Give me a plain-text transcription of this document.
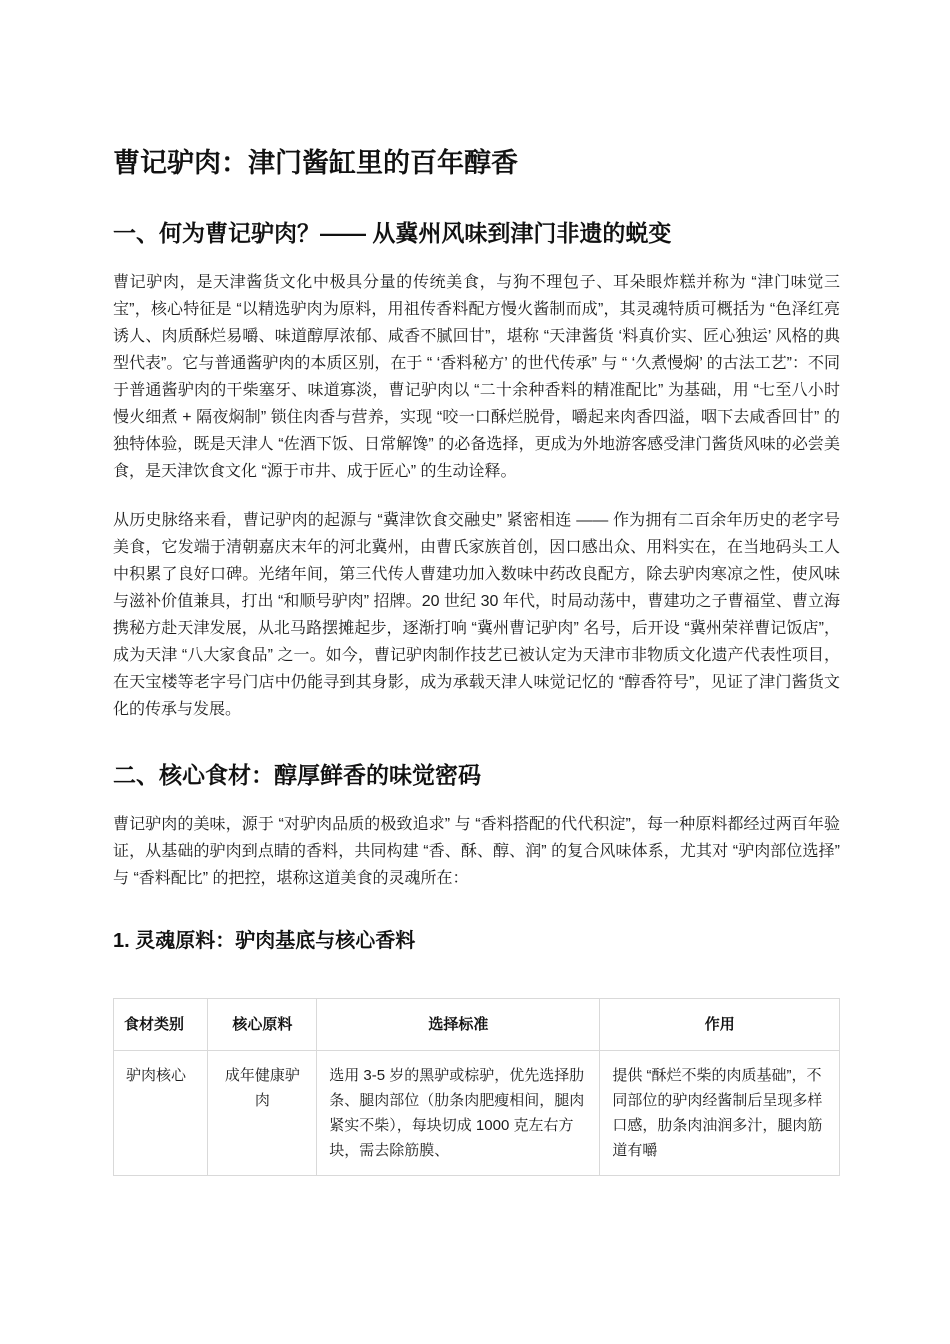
曹记驴肉：津门酱缸里的百年醇香
一、何为曹记驴肉？—— 从冀州风味到津门非遗的蜕变

曹记驴肉，是天津酱货文化中极具分量的传统美食，与狗不理包子、耳朵眼炸糕并称为 “津门味觉三宝”，核心特征是 “以精选驴肉为原料，用祖传香料配方慢火酱制而成”，其灵魂特质可概括为 “色泽红亮诱人、肉质酥烂易嚼、味道醇厚浓郁、咸香不腻回甘”，堪称 “天津酱货 ‘料真价实、匠心独运’ 风格的典型代表”。它与普通酱驴肉的本质区别，在于 “ ‘香料秘方’ 的世代传承” 与 “ ‘久煮慢焖’ 的古法工艺”：不同于普通酱驴肉的干柴塞牙、味道寡淡，曹记驴肉以 “二十余种香料的精准配比” 为基础，用 “七至八小时慢火细煮 + 隔夜焖制” 锁住肉香与营养，实现 “咬一口酥烂脱骨，嚼起来肉香四溢，咽下去咸香回甘” 的独特体验，既是天津人 “佐酒下饭、日常解馋” 的必备选择，更成为外地游客感受津门酱货风味的必尝美食，是天津饮食文化 “源于市井、成于匠心” 的生动诠释。

从历史脉络来看，曹记驴肉的起源与 “冀津饮食交融史” 紧密相连 —— 作为拥有二百余年历史的老字号美食，它发端于清朝嘉庆末年的河北冀州，由曹氏家族首创，因口感出众、用料实在，在当地码头工人中积累了良好口碑。光绪年间，第三代传人曹建功加入数味中药改良配方，除去驴肉寒凉之性，使风味与滋补价值兼具，打出 “和顺号驴肉” 招牌。20 世纪 30 年代，时局动荡中，曹建功之子曹福堂、曹立海携秘方赴天津发展，从北马路摆摊起步，逐渐打响 “冀州曹记驴肉” 名号，后开设 “冀州荣祥曹记饭店”，成为天津 “八大家食品” 之一。如今，曹记驴肉制作技艺已被认定为天津市非物质文化遗产代表性项目，在天宝楼等老字号门店中仍能寻到其身影，成为承载天津人味觉记忆的 “醇香符号”，见证了津门酱货文化的传承与发展。

二、核心食材：醇厚鲜香的味觉密码

曹记驴肉的美味，源于 “对驴肉品质的极致追求” 与 “香料搭配的代代积淀”，每一种原料都经过两百年验证，从基础的驴肉到点睛的香料，共同构建 “香、酥、醇、润” 的复合风味体系，尤其对 “驴肉部位选择” 与 “香料配比” 的把控，堪称这道美食的灵魂所在：

1. 灵魂原料：驴肉基底与核心香料
食材类别	核心原料	选择标准	作用
驴肉核心	成年健康驴肉	选用 3-5 岁的黑驴或棕驴，优先选择肋条、腿肉部位（肋条肉肥瘦相间，腿肉紧实不柴），每块切成 1000 克左右方块，需去除筋膜、	提供 “酥烂不柴的肉质基础”，不同部位的驴肉经酱制后呈现多样口感，肋条肉油润多汁，腿肉筋道有嚼
